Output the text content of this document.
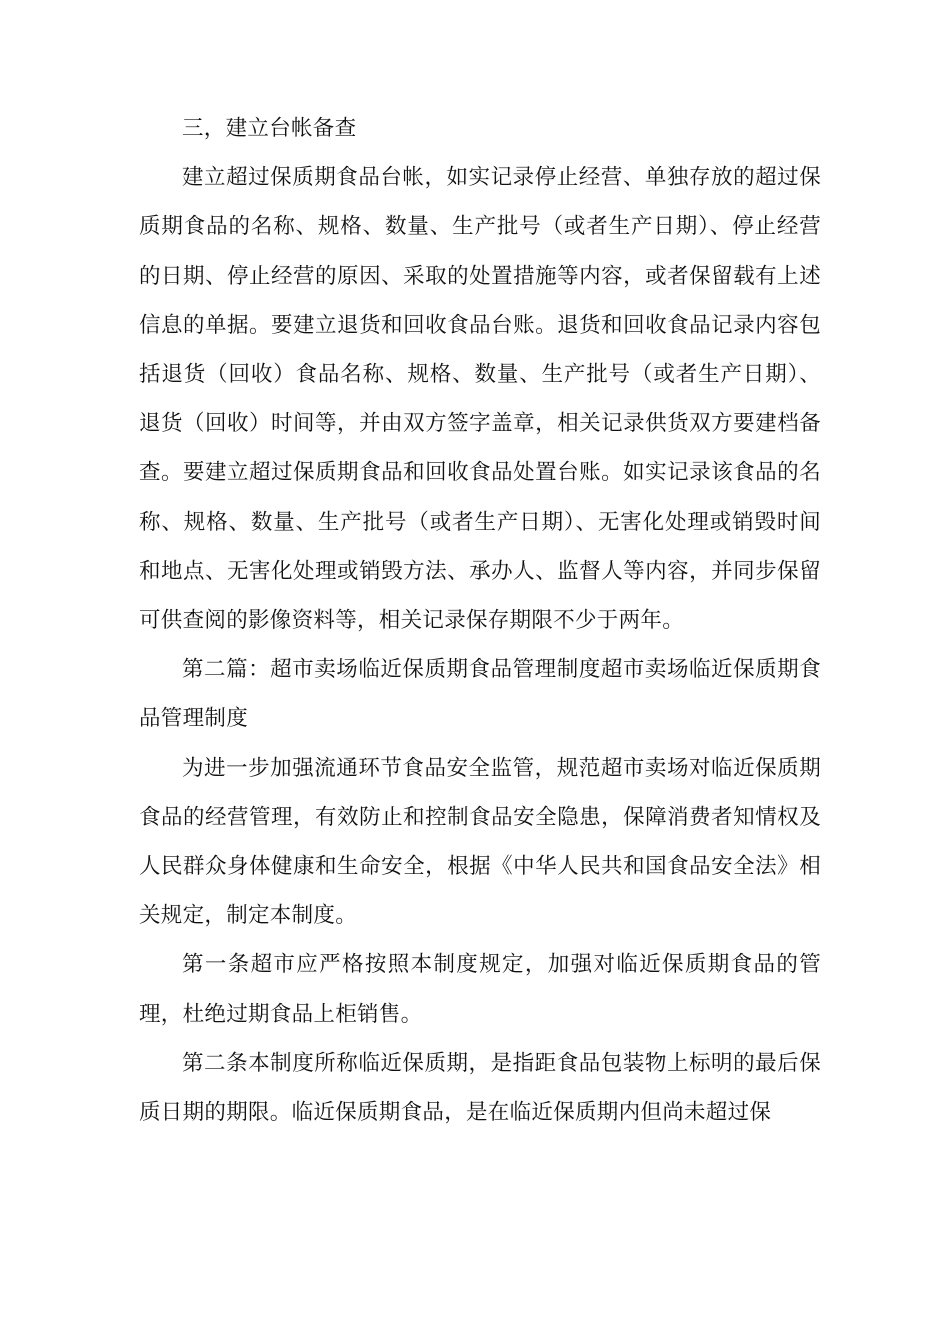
三，建立台帐备查

建立超过保质期食品台帐，如实记录停止经营、单独存放的超过保质期食品的名称、规格、数量、生产批号（或者生产日期）、停止经营的日期、停止经营的原因、采取的处置措施等内容，或者保留载有上述信息的单据。要建立退货和回收食品台账。退货和回收食品记录内容包括退货（回收）食品名称、规格、数量、生产批号（或者生产日期）、退货（回收）时间等，并由双方签字盖章，相关记录供货双方要建档备查。要建立超过保质期食品和回收食品处置台账。如实记录该食品的名称、规格、数量、生产批号（或者生产日期）、无害化处理或销毁时间和地点、无害化处理或销毁方法、承办人、监督人等内容，并同步保留可供查阅的影像资料等，相关记录保存期限不少于两年。

第二篇：超市卖场临近保质期食品管理制度超市卖场临近保质期食品管理制度

为进一步加强流通环节食品安全监管，规范超市卖场对临近保质期食品的经营管理，有效防止和控制食品安全隐患，保障消费者知情权及人民群众身体健康和生命安全，根据《中华人民共和国食品安全法》相关规定，制定本制度。

第一条超市应严格按照本制度规定，加强对临近保质期食品的管理，杜绝过期食品上柜销售。

第二条本制度所称临近保质期，是指距食品包装物上标明的最后保质日期的期限。临近保质期食品，是在临近保质期内但尚未超过保
